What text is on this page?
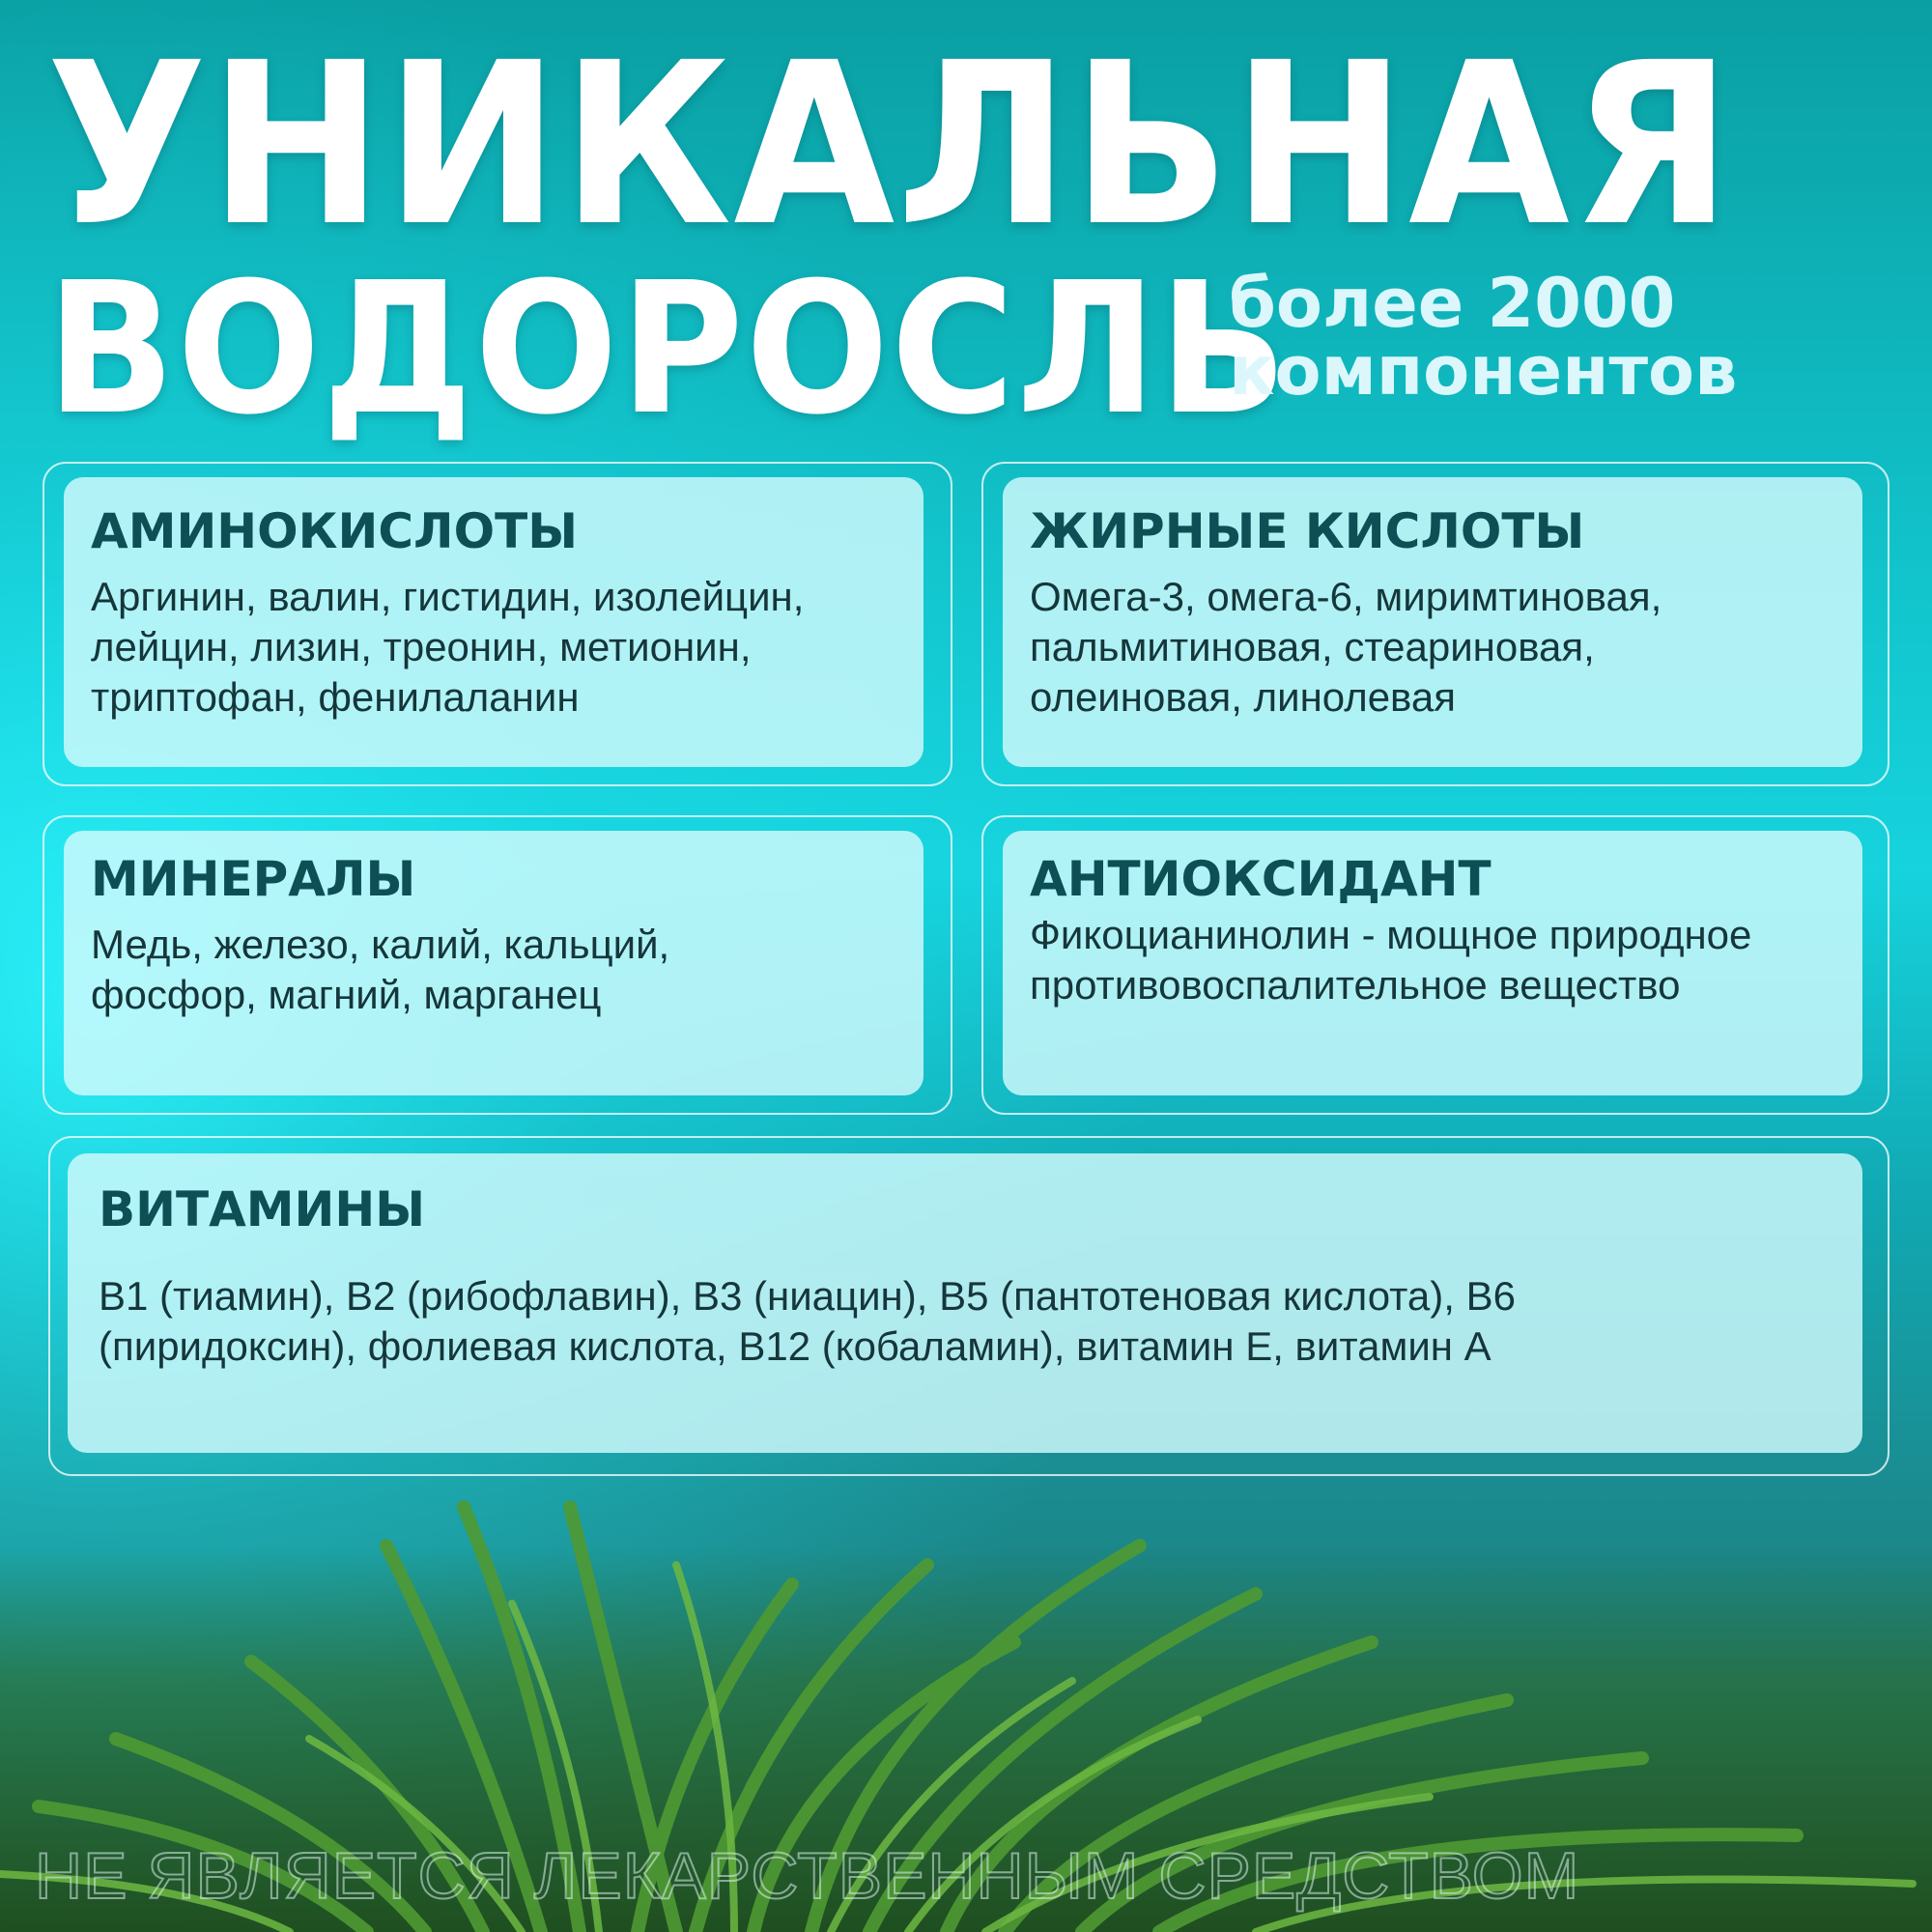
УНИКАЛЬНАЯ
ВОДОРОСЛЬ
более 2000
компонентов
АМИНОКИСЛОТЫ
Аргинин, валин, гистидин, изолейцин, лейцин, лизин, треонин, метионин, триптофан, фенилаланин
ЖИРНЫЕ КИСЛОТЫ
Омега-3, омега-6, миримтиновая, пальмитиновая, стеариновая, олеиновая, линолевая
МИНЕРАЛЫ
Медь, железо, калий, кальций, фосфор, магний, марганец
АНТИОКСИДАНТ
Фикоцианинолин - мощное природное противовоспалительное вещество
ВИТАМИНЫ
B1 (тиамин), B2 (рибофлавин), B3 (ниацин), B5 (пантотеновая кислота), B6 (пиридоксин), фолиевая кислота, B12 (кобаламин), витамин E, витамин A
НЕ ЯВЛЯЕТСЯ ЛЕКАРСТВЕННЫМ СРЕДСТВОМ
